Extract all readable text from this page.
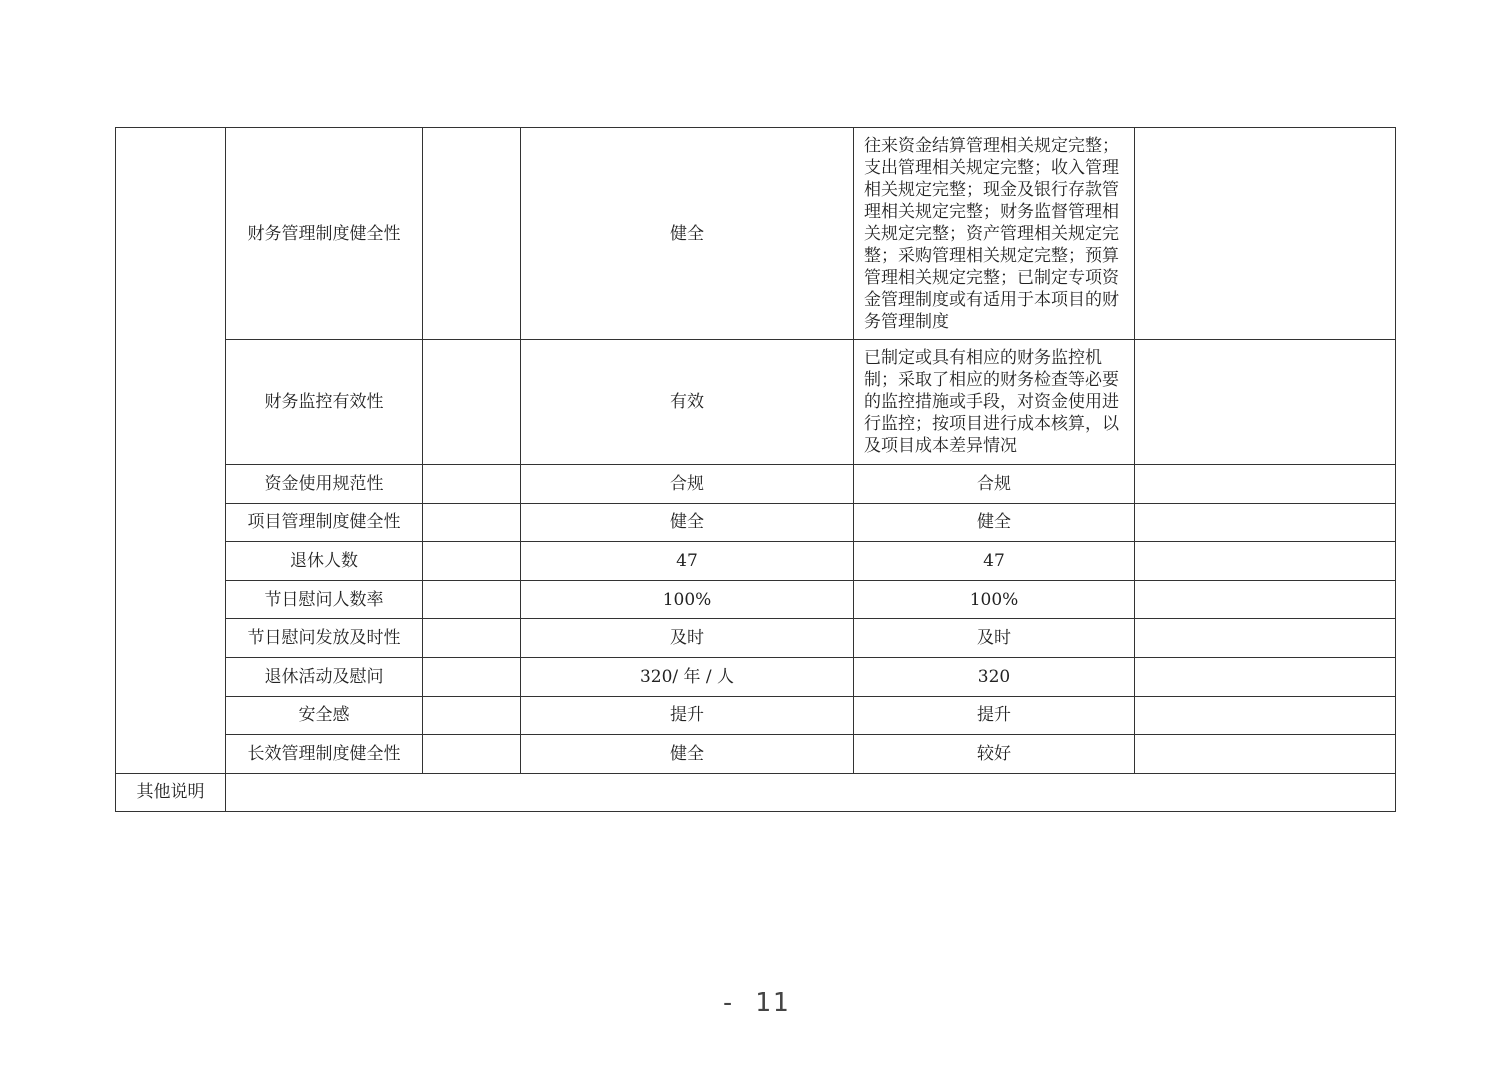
	财务管理制度健全性		健全	往来资金结算管理相关规定完整；支出管理相关规定完整；收入管理相关规定完整；现金及银行存款管理相关规定完整；财务监督管理相关规定完整；资产管理相关规定完整；采购管理相关规定完整；预算管理相关规定完整；已制定专项资金管理制度或有适用于本项目的财务管理制度	
	财务监控有效性		有效	已制定或具有相应的财务监控机制；采取了相应的财务检查等必要的监控措施或手段，对资金使用进行监控；按项目进行成本核算，以及项目成本差异情况	
	资金使用规范性		合规	合规	
	项目管理制度健全性		健全	健全	
	退休人数		47	47	
	节日慰问人数率		100%	100%	
	节日慰问发放及时性		及时	及时	
	退休活动及慰问		320/ 年 / 人	320	
	安全感		提升	提升	
	长效管理制度健全性		健全	较好	
其他说明					
- 11
